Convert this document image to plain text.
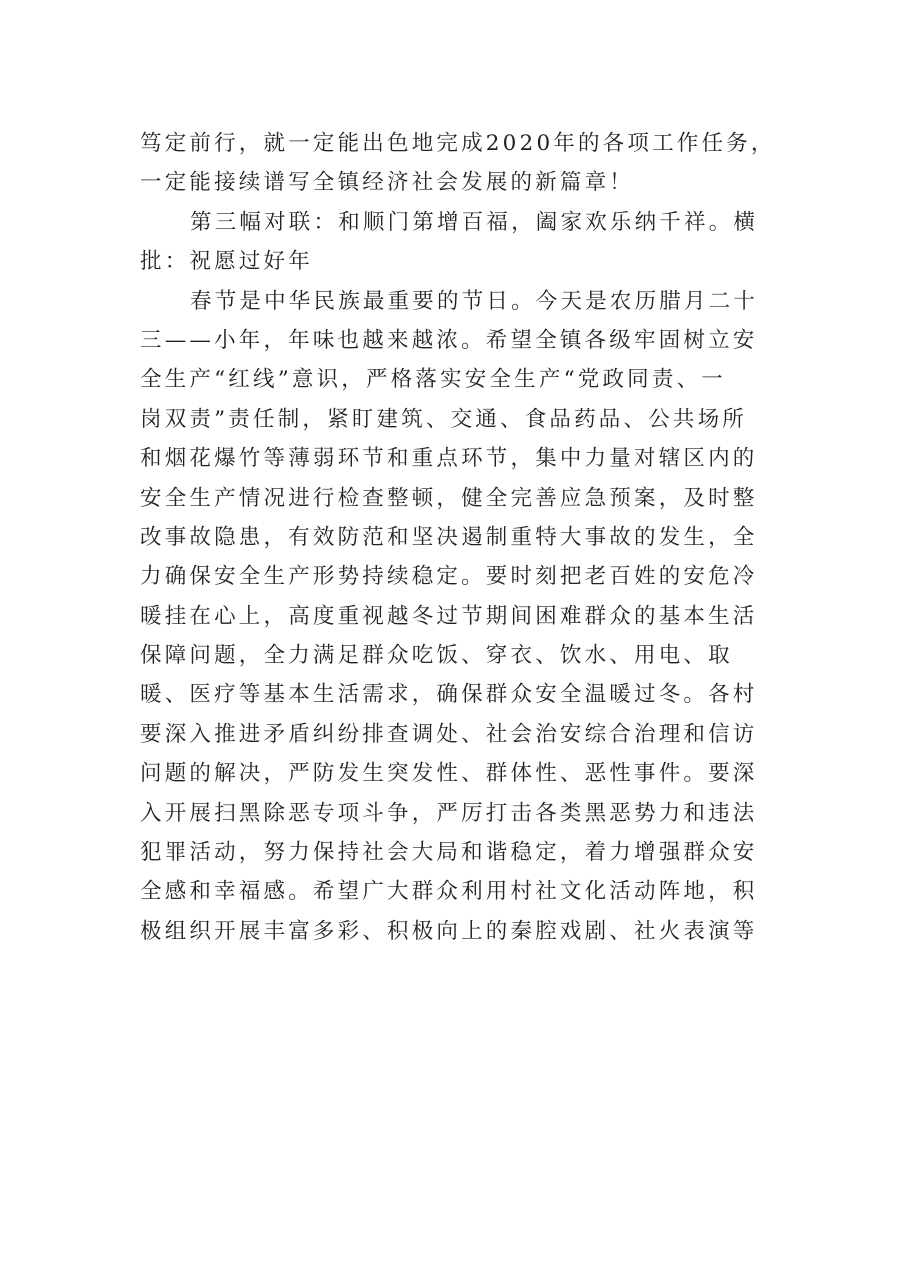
笃定前行，就一定能出色地完成2020年的各项工作任务，
一定能接续谱写全镇经济社会发展的新篇章！
第三幅对联：和顺门第增百福，阖家欢乐纳千祥。横
批：祝愿过好年
春节是中华民族最重要的节日。今天是农历腊月二十
三——小年，年味也越来越浓。希望全镇各级牢固树立安
全生产“红线”意识，严格落实安全生产“党政同责、一
岗双责”责任制，紧盯建筑、交通、食品药品、公共场所
和烟花爆竹等薄弱环节和重点环节，集中力量对辖区内的
安全生产情况进行检查整顿，健全完善应急预案，及时整
改事故隐患，有效防范和坚决遏制重特大事故的发生，全
力确保安全生产形势持续稳定。要时刻把老百姓的安危冷
暖挂在心上，高度重视越冬过节期间困难群众的基本生活
保障问题，全力满足群众吃饭、穿衣、饮水、用电、取
暖、医疗等基本生活需求，确保群众安全温暖过冬。各村
要深入推进矛盾纠纷排查调处、社会治安综合治理和信访
问题的解决，严防发生突发性、群体性、恶性事件。要深
入开展扫黑除恶专项斗争，严厉打击各类黑恶势力和违法
犯罪活动，努力保持社会大局和谐稳定，着力增强群众安
全感和幸福感。希望广大群众利用村社文化活动阵地，积
极组织开展丰富多彩、积极向上的秦腔戏剧、社火表演等
